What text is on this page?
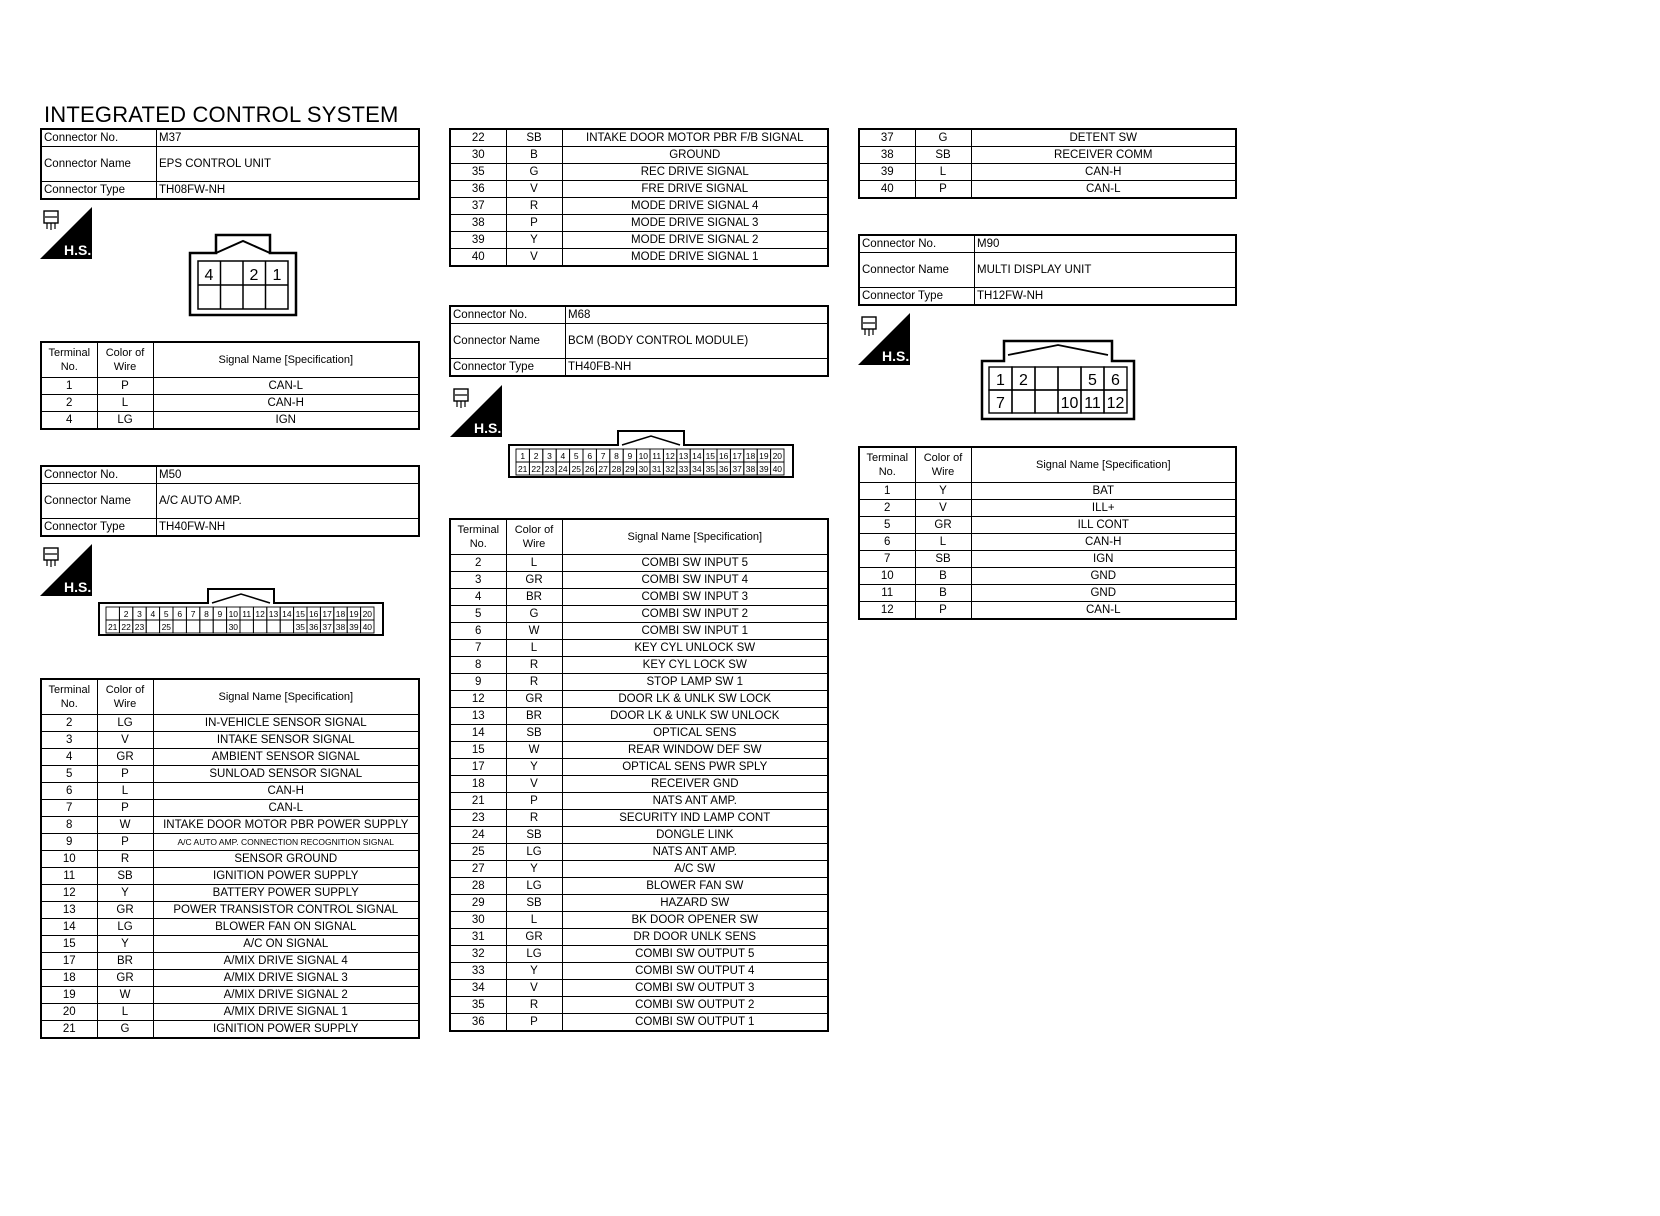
INTEGRATED CONTROL SYSTEM
Connector No.	M37
Connector Name	EPS CONTROL UNIT
Connector Type	TH08FW-NH
H.S.
4 2 1
Terminal No.	Color of Wire	Signal Name [Specification]
1	P	CAN-L
2	L	CAN-H
4	LG	IGN
Connector No.	M50
Connector Name	A/C AUTO AMP.
Connector Type	TH40FW-NH
H.S.
2 3 4 5 6 7 8 9 10 11 12 13 14 15 16 17 18 19 20
21 22 23 25	30	35 36 37 38 39 40
Terminal No.	Color of Wire	Signal Name [Specification]
2	LG	IN-VEHICLE SENSOR SIGNAL
3	V	INTAKE SENSOR SIGNAL
4	GR	AMBIENT SENSOR SIGNAL
5	P	SUNLOAD SENSOR SIGNAL
6	L	CAN-H
7	P	CAN-L
8	W	INTAKE DOOR MOTOR PBR POWER SUPPLY
9	P	A/C AUTO AMP. CONNECTION RECOGNITION SIGNAL
10	R	SENSOR GROUND
11	SB	IGNITION POWER SUPPLY
12	Y	BATTERY POWER SUPPLY
13	GR	POWER TRANSISTOR CONTROL SIGNAL
14	LG	BLOWER FAN ON SIGNAL
15	Y	A/C ON SIGNAL
17	BR	A/MIX DRIVE SIGNAL 4
18	GR	A/MIX DRIVE SIGNAL 3
19	W	A/MIX DRIVE SIGNAL 2
20	L	A/MIX DRIVE SIGNAL 1
21	G	IGNITION POWER SUPPLY
22	SB	INTAKE DOOR MOTOR PBR F/B SIGNAL
30	B	GROUND
35	G	REC DRIVE SIGNAL
36	V	FRE DRIVE SIGNAL
37	R	MODE DRIVE SIGNAL 4
38	P	MODE DRIVE SIGNAL 3
39	Y	MODE DRIVE SIGNAL 2
40	V	MODE DRIVE SIGNAL 1
Connector No.	M68
Connector Name	BCM (BODY CONTROL MODULE)
Connector Type	TH40FB-NH
H.S.
1 2 3 4 5 6 7 8 9 10 11 12 13 14 15 16 17 18 19 20
21 22 23 24 25 26 27 28 29 30 31 32 33 34 35 36 37 38 39 40
Terminal No.	Color of Wire	Signal Name [Specification]
2	L	COMBI SW INPUT 5
3	GR	COMBI SW INPUT 4
4	BR	COMBI SW INPUT 3
5	G	COMBI SW INPUT 2
6	W	COMBI SW INPUT 1
7	L	KEY CYL UNLOCK SW
8	R	KEY CYL LOCK SW
9	R	STOP LAMP SW 1
12	GR	DOOR LK & UNLK SW LOCK
13	BR	DOOR LK & UNLK SW UNLOCK
14	SB	OPTICAL SENS
15	W	REAR WINDOW DEF SW
17	Y	OPTICAL SENS PWR SPLY
18	V	RECEIVER GND
21	P	NATS ANT AMP.
23	R	SECURITY IND LAMP CONT
24	SB	DONGLE LINK
25	LG	NATS ANT AMP.
27	Y	A/C SW
28	LG	BLOWER FAN SW
29	SB	HAZARD SW
30	L	BK DOOR OPENER SW
31	GR	DR DOOR UNLK SENS
32	LG	COMBI SW OUTPUT 5
33	Y	COMBI SW OUTPUT 4
34	V	COMBI SW OUTPUT 3
35	R	COMBI SW OUTPUT 2
36	P	COMBI SW OUTPUT 1
37	G	DETENT SW
38	SB	RECEIVER COMM
39	L	CAN-H
40	P	CAN-L
Connector No.	M90
Connector Name	MULTI DISPLAY UNIT
Connector Type	TH12FW-NH
H.S.
1 2	5 6
7	10 11 12
Terminal No.	Color of Wire	Signal Name [Specification]
1	Y	BAT
2	V	ILL+
5	GR	ILL CONT
6	L	CAN-H
7	SB	IGN
10	B	GND
11	B	GND
12	P	CAN-L
